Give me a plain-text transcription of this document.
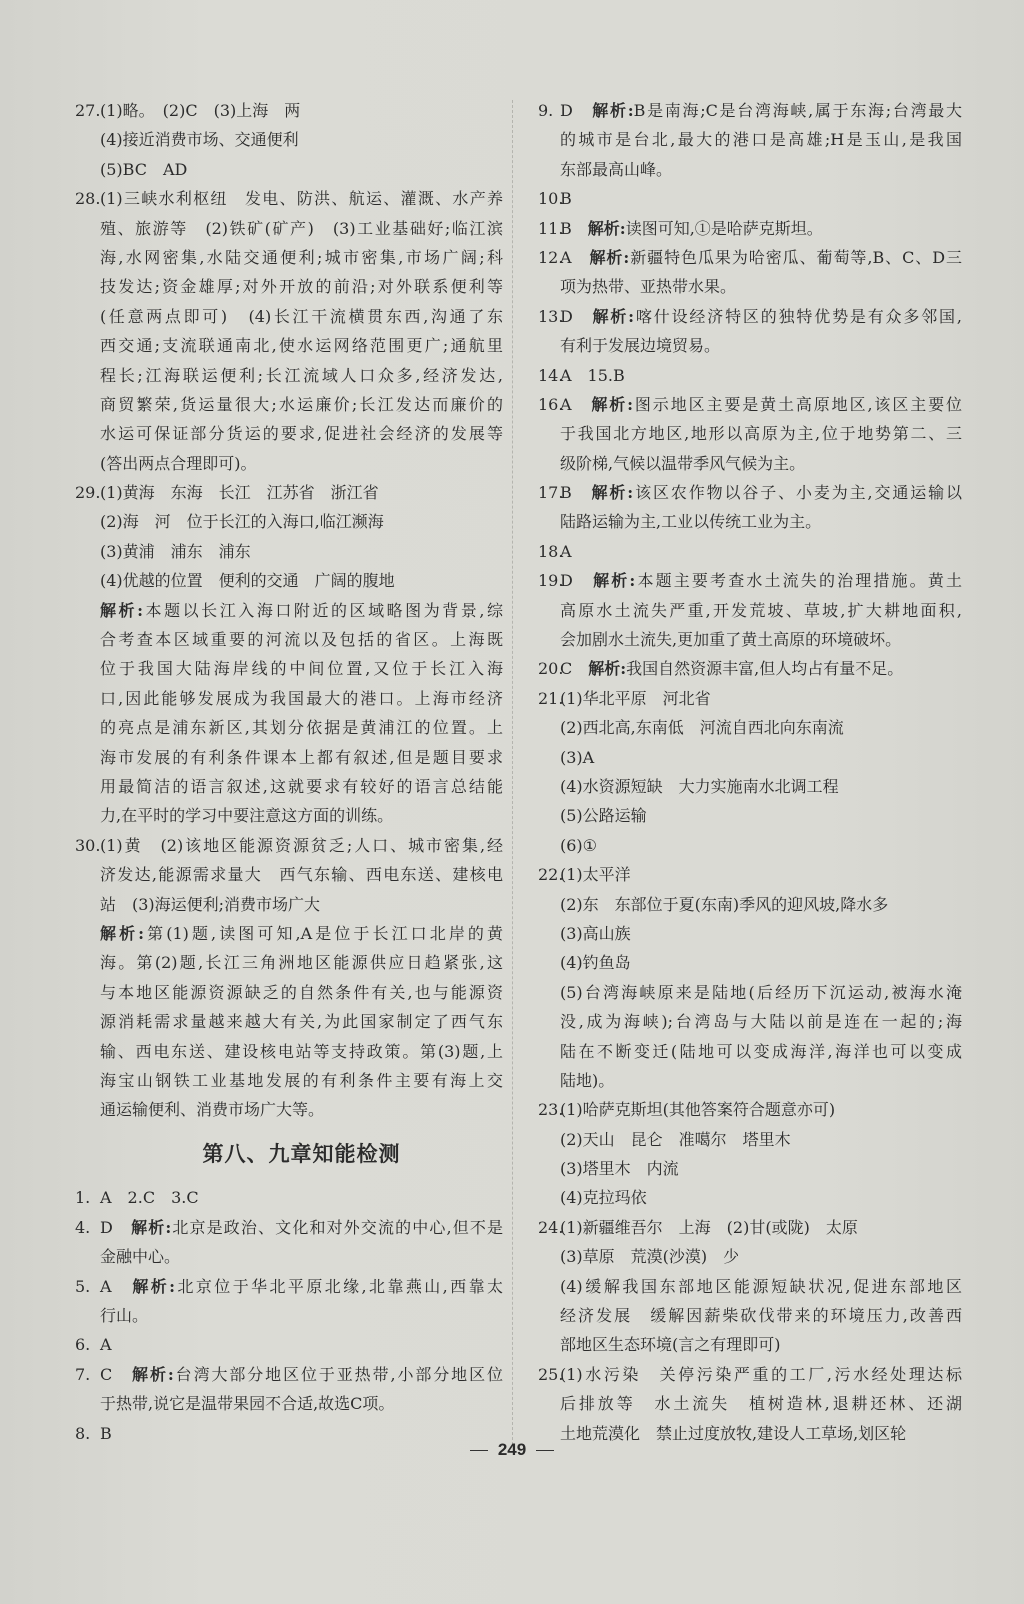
27. (1)略。　(2)C　(3)上海　两
(4)接近消费市场、交通便利
(5)BC　AD
28. (1)三峡水利枢纽　发电、防洪、航运、灌溉、水产养
殖、旅游等　(2)铁矿(矿产)　(3)工业基础好;临江滨
海,水网密集,水陆交通便利;城市密集,市场广阔;科
技发达;资金雄厚;对外开放的前沿;对外联系便利等
(任意两点即可)　(4)长江干流横贯东西,沟通了东
西交通;支流联通南北,使水运网络范围更广;通航里
程长;江海联运便利;长江流域人口众多,经济发达,
商贸繁荣,货运量很大;水运廉价;长江发达而廉价的
水运可保证部分货运的要求,促进社会经济的发展等
(答出两点合理即可)。
29. (1)黄海　东海　长江　江苏省　浙江省
(2)海　河　位于长江的入海口,临江濒海
(3)黄浦　浦东　浦东
(4)优越的位置　便利的交通　广阔的腹地
解析:本题以长江入海口附近的区域略图为背景,综
合考查本区域重要的河流以及包括的省区。上海既
位于我国大陆海岸线的中间位置,又位于长江入海
口,因此能够发展成为我国最大的港口。上海市经济
的亮点是浦东新区,其划分依据是黄浦江的位置。上
海市发展的有利条件课本上都有叙述,但是题目要求
用最简洁的语言叙述,这就要求有较好的语言总结能
力,在平时的学习中要注意这方面的训练。
30. (1)黄　(2)该地区能源资源贫乏;人口、城市密集,经
济发达,能源需求量大　西气东输、西电东送、建核电
站　(3)海运便利;消费市场广大
解析:第(1)题,读图可知,A是位于长江口北岸的黄
海。第(2)题,长江三角洲地区能源供应日趋紧张,这
与本地区能源资源缺乏的自然条件有关,也与能源资
源消耗需求量越来越大有关,为此国家制定了西气东
输、西电东送、建设核电站等支持政策。第(3)题,上
海宝山钢铁工业基地发展的有利条件主要有海上交
通运输便利、消费市场广大等。
第八、九章知能检测
1. A　2.C　3.C
4. D　解析:北京是政治、文化和对外交流的中心,但不是
金融中心。
5. A　解析:北京位于华北平原北缘,北靠燕山,西靠太
行山。
6. A
7. C　解析:台湾大部分地区位于亚热带,小部分地区位
于热带,说它是温带果园不合适,故选C项。
8. B
9. D　解析:B是南海;C是台湾海峡,属于东海;台湾最大
的城市是台北,最大的港口是高雄;H是玉山,是我国
东部最高山峰。
10.
B
11.
B　解析:读图可知,①是哈萨克斯坦。
12.
A　解析:新疆特色瓜果为哈密瓜、葡萄等,B、C、D三
项为热带、亚热带水果。
13.
D　解析:喀什设经济特区的独特优势是有众多邻国,
有利于发展边境贸易。
14.
A　15.B
16.
A　解析:图示地区主要是黄土高原地区,该区主要位
于我国北方地区,地形以高原为主,位于地势第二、三
级阶梯,气候以温带季风气候为主。
17.
B　解析:该区农作物以谷子、小麦为主,交通运输以
陆路运输为主,工业以传统工业为主。
18.
A
19.
D　解析:本题主要考查水土流失的治理措施。黄土
高原水土流失严重,开发荒坡、草坡,扩大耕地面积,
会加剧水土流失,更加重了黄土高原的环境破坏。
20.
C　解析:我国自然资源丰富,但人均占有量不足。
21.
(1)华北平原　河北省
(2)西北高,东南低　河流自西北向东南流
(3)A
(4)水资源短缺　大力实施南水北调工程
(5)公路运输
(6)①
22.
(1)太平洋
(2)东　东部位于夏(东南)季风的迎风坡,降水多
(3)高山族
(4)钓鱼岛
(5)台湾海峡原来是陆地(后经历下沉运动,被海水淹
没,成为海峡);台湾岛与大陆以前是连在一起的;海
陆在不断变迁(陆地可以变成海洋,海洋也可以变成
陆地)。
23.
(1)哈萨克斯坦(其他答案符合题意亦可)
(2)天山　昆仑　准噶尔　塔里木
(3)塔里木　内流
(4)克拉玛依
24.
(1)新疆维吾尔　上海　(2)甘(或陇)　太原
(3)草原　荒漠(沙漠)　少
(4)缓解我国东部地区能源短缺状况,促进东部地区
经济发展　缓解因薪柴砍伐带来的环境压力,改善西
部地区生态环境(言之有理即可)
25.
(1)水污染　关停污染严重的工厂,污水经处理达标
后排放等　水土流失　植树造林,退耕还林、还湖
土地荒漠化　禁止过度放牧,建设人工草场,划区轮
249
